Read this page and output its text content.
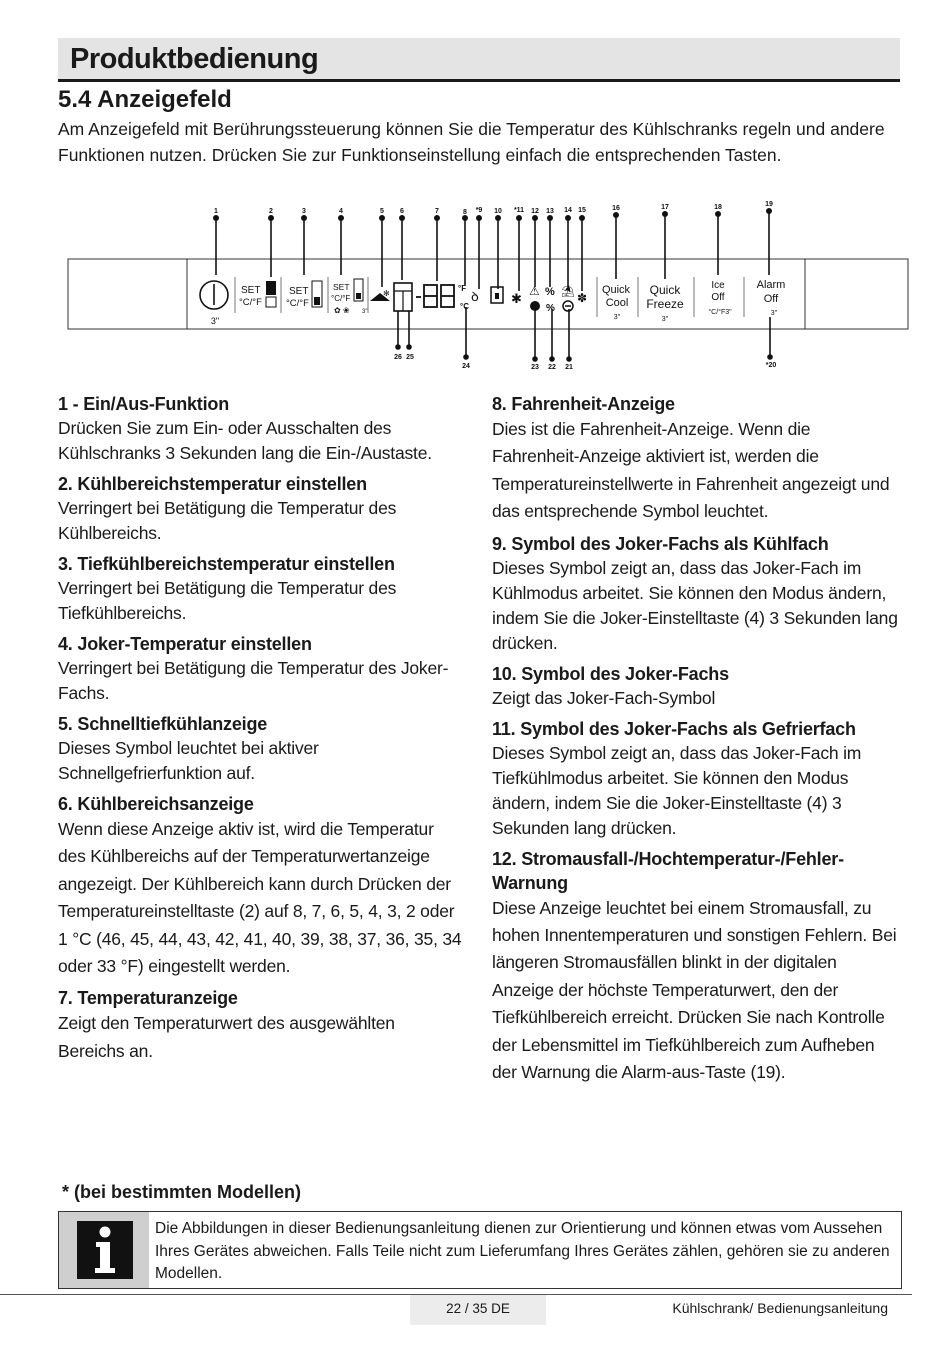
Produktbedienung
5.4 Anzeigefeld
Am Anzeigefeld mit Berührungssteuerung können Sie die Temperatur des Kühlschranks regeln und andere Funktionen nutzen. Drücken Sie zur Funktionseinstellung einfach die entsprechenden Tasten.
1	2	3	4	5 6	7	8 *9 10 *11 12 13 14 15	16	17	18	19
26 25
24	23 22 21	*20
3"
SET
°C/°F
SET
°C/°F
SET
°C/°F
✿ ❀ 3"
✻
°F
°C
ꝺ ✱ ⚠ % ⛱ ✽
%
Quick
Cool
3"
Quick
Freeze
3"
Ice
Off
°C/°F3"
Alarm
Off
3"
1 - Ein/Aus-Funktion

Drücken Sie zum Ein- oder Ausschalten des Kühlschranks 3 Sekunden lang die Ein-/Austaste.

2. Kühlbereichstemperatur einstellen

Verringert bei Betätigung die Temperatur des Kühlbereichs.

3. Tiefkühlbereichstemperatur einstellen

Verringert bei Betätigung die Temperatur des Tiefkühlbereichs.

4. Joker-Temperatur einstellen

Verringert bei Betätigung die Temperatur des Joker-Fachs.

5. Schnelltiefkühlanzeige

Dieses Symbol leuchtet bei aktiver Schnellgefrierfunktion auf.

6. Kühlbereichsanzeige

Wenn diese Anzeige aktiv ist, wird die Temperatur des Kühlbereichs auf der Temperaturwertanzeige angezeigt. Der Kühlbereich kann durch Drücken der Temperatureinstelltaste (2) auf 8, 7, 6, 5, 4, 3, 2 oder 1 °C (46, 45, 44, 43, 42, 41, 40, 39, 38, 37, 36, 35, 34 oder 33 °F) eingestellt werden.

7. Temperaturanzeige

Zeigt den Temperaturwert des ausgewählten Bereichs an.

8. Fahrenheit-Anzeige

Dies ist die Fahrenheit-Anzeige. Wenn die Fahrenheit-Anzeige aktiviert ist, werden die Temperatureinstellwerte in Fahrenheit angezeigt und das entsprechende Symbol leuchtet.

9. Symbol des Joker-Fachs als Kühlfach

Dieses Symbol zeigt an, dass das Joker-Fach im Kühlmodus arbeitet. Sie können den Modus ändern, indem Sie die Joker-Einstelltaste (4) 3 Sekunden lang drücken.

10. Symbol des Joker-Fachs

Zeigt das Joker-Fach-Symbol

11. Symbol des Joker-Fachs als Gefrierfach

Dieses Symbol zeigt an, dass das Joker-Fach im Tiefkühlmodus arbeitet. Sie können den Modus ändern, indem Sie die Joker-Einstelltaste (4) 3 Sekunden lang drücken.

12. Stromausfall-/Hochtemperatur-/Fehler-Warnung

Diese Anzeige leuchtet bei einem Stromausfall, zu hohen Innentemperaturen und sonstigen Fehlern. Bei längeren Stromausfällen blinkt in der digitalen Anzeige der höchste Temperaturwert, den der Tiefkühlbereich erreicht. Drücken Sie nach Kontrolle der Lebensmittel im Tiefkühlbereich zum Aufheben der Warnung die Alarm-aus-Taste (19).

* (bei bestimmten Modellen)
Die Abbildungen in dieser Bedienungsanleitung dienen zur Orientierung und können etwas vom Aussehen Ihres Gerätes abweichen. Falls Teile nicht zum Lieferumfang Ihres Gerätes zählen, gehören sie zu anderen Modellen.
22 / 35 DE	Kühlschrank/ Bedienungsanleitung
